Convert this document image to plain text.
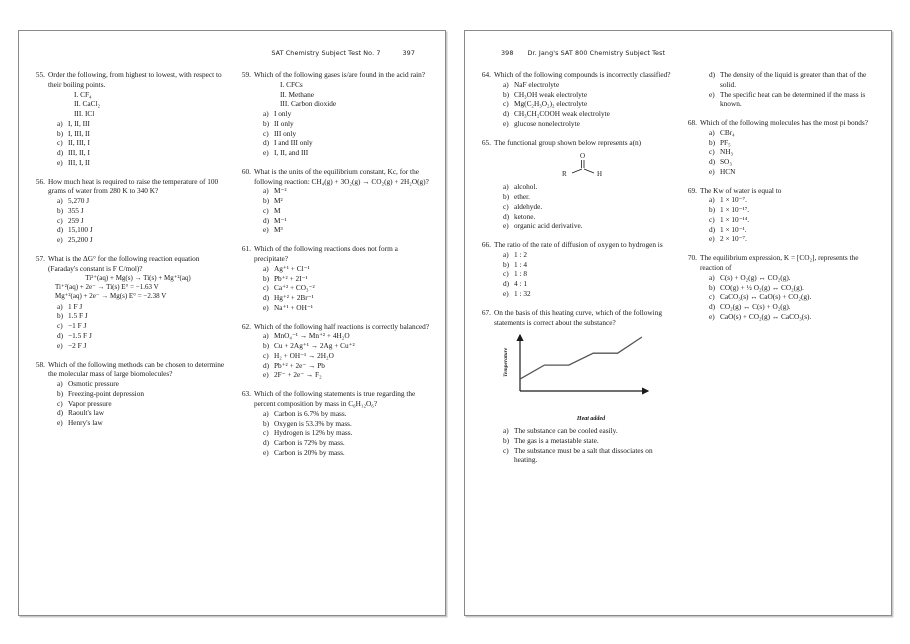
SAT Chemistry Subject Test No. 7	397
55. Order the following, from highest to lowest, with respect to their boiling points.
I. CF₄
II. CaCl₂
III. ICl
a) I, II, III
b) I, III, II
c) II, III, I
d) III, II, I
e) III, I, II
56. How much heat is required to raise the temperature of 100 grams of water from 280 K to 340 K?
a) 5,270 J
b) 355 J
c) 259 J
d) 15,100 J
e) 25,200 J
57. What is the ΔG° for the following reaction equation (Faraday's constant is F C/mol)?
Ti²⁺(aq) + Mg(s) → Ti(s) + Mg⁺²(aq)
Ti⁺²(aq) + 2e⁻ → Ti(s) E° = −1.63 V
Mg⁺²(aq) + 2e⁻ → Mg(s) E° = −2.38 V
a) 1 F J
b) 1.5 F J
c) −1 F J
d) −1.5 F J
e) −2 F J
58. Which of the following methods can be chosen to determine the molecular mass of large biomolecules?
a) Osmotic pressure
b) Freezing-point depression
c) Vapor pressure
d) Raoult's law
e) Henry's law
59. Which of the following gases is/are found in the acid rain?
I. CFCs
II. Methane
III. Carbon dioxide
a) I only
b) II only
c) III only
d) I and III only
e) I, II, and III
60. What is the units of the equilibrium constant, Kc, for the following reaction: CH₄(g) + 3O₂(g) → CO₂(g) + 2H₂O(g)?
a) M⁻²
b) M²
c) M
d) M⁻¹
e) M³
61. Which of the following reactions does not form a precipitate?
a) Ag⁺¹ + Cl⁻¹
b) Pb⁺² + 2I⁻¹
c) Ca⁺² + CO₃⁻²
d) Hg⁺² + 2Br⁻¹
e) Na⁺¹ + OH⁻¹
62. Which of the following half reactions is correctly balanced?
a) MnO₄⁻¹ → Mn⁺² + 4H₂O
b) Cu + 2Ag⁺¹ → 2Ag + Cu⁺²
c) H₂ + OH⁻¹ → 2H₂O
d) Pb⁺² + 2e⁻ → Pb
e) 2F⁻ + 2e⁻ → F₂
63. Which of the following statements is true regarding the percent composition by mass in C₆H₁₂O₆?
a) Carbon is 6.7% by mass.
b) Oxygen is 53.3% by mass.
c) Hydrogen is 12% by mass.
d) Carbon is 72% by mass.
e) Carbon is 20% by mass.
398 Dr. Jang's SAT 800 Chemistry Subject Test
64. Which of the following compounds is incorrectly classified?
a) NaF electrolyte
b) CH₃OH weak electrolyte
c) Mg(C₂H₃O₂)₂ electrolyte
d) CH₃CH₂COOH weak electrolyte
e) glucose nonelectrolyte
65. The functional group shown below represents a(n)
O
R	H
a) alcohol.
b) ether.
c) aldehyde.
d) ketone.
e) organic acid derivative.
66. The ratio of the rate of diffusion of oxygen to hydrogen is
a) 1 : 2
b) 1 : 4
c) 1 : 8
d) 4 : 1
e) 1 : 32
67. On the basis of this heating curve, which of the following statements is correct about the substance?
Temperature
Heat added
a) The substance can be cooled easily.
b) The gas is a metastable state.
c) The substance must be a salt that dissociates on heating.
d) The density of the liquid is greater than that of the solid.
e) The specific heat can be determined if the mass is known.
68. Which of the following molecules has the most pi bonds?
a) CBr₄
b) PF₅
c) NH₃
d) SO₃
e) HCN
69. The Kᴡ of water is equal to
a) 1 × 10⁻⁷.
b) 1 × 10⁻¹⁷.
c) 1 × 10⁻¹⁴.
d) 1 × 10⁻¹.
e) 2 × 10⁻⁷.
70. The equilibrium expression, K = [CO₂], represents the reaction of
a) C(s) + O₂(g) ↔ CO₂(g).
b) CO(g) + ½ O₂(g) ↔ CO₂(g).
c) CaCO₃(s) ↔ CaO(s) + CO₂(g).
d) CO₂(g) ↔ C(s) + O₂(g).
e) CaO(s) + CO₂(g) ↔ CaCO₃(s).
